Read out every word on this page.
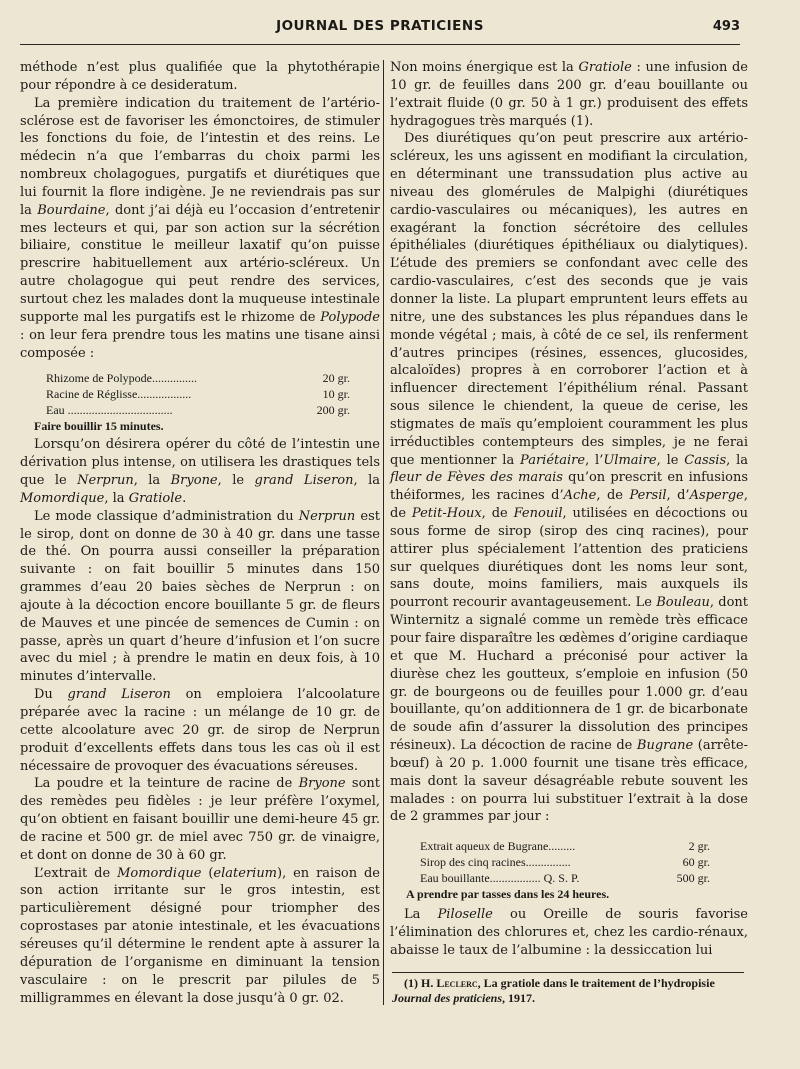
JOURNAL DES PRATICIENS	493

méthode n’est plus qualifiée que la phytothérapie pour répondre à ce desideratum.

La première indication du traitement de l’artério-sclérose est de favoriser les émonctoires, de stimuler les fonctions du foie, de l’intestin et des reins. Le médecin n’a que l’embarras du choix parmi les nombreux cholagogues, purgatifs et diurétiques que lui fournit la flore indigène. Je ne reviendrais pas sur la Bourdaine, dont j’ai déjà eu l’occasion d’entretenir mes lecteurs et qui, par son action sur la sécrétion biliaire, constitue le meilleur laxatif qu’on puisse prescrire habituellement aux artério-scléreux. Un autre cholagogue qui peut rendre des services, surtout chez les malades dont la muqueuse intestinale supporte mal les purgatifs est le rhizome de Polypode : on leur fera prendre tous les matins une tisane ainsi composée :

Rhizome de Polypode...............	20 gr.
Racine de Réglisse..................	10 gr.
Eau ...................................	200 gr.
Faire bouillir 15 minutes.

Lorsqu’on désirera opérer du côté de l’intestin une dérivation plus intense, on utilisera les drastiques tels que le Nerprun, la Bryone, le grand Liseron, la Momordique, la Gratiole.

Le mode classique d’administration du Nerprun est le sirop, dont on donne de 30 à 40 gr. dans une tasse de thé. On pourra aussi conseiller la préparation suivante : on fait bouillir 5 minutes dans 150 grammes d’eau 20 baies sèches de Nerprun : on ajoute à la décoction encore bouillante 5 gr. de fleurs de Mauves et une pincée de semences de Cumin : on passe, après un quart d’heure d’infusion et l’on sucre avec du miel ; à prendre le matin en deux fois, à 10 minutes d’intervalle.

Du grand Liseron on emploiera l’alcoolature préparée avec la racine : un mélange de 10 gr. de cette alcoolature avec 20 gr. de sirop de Nerprun produit d’excellents effets dans tous les cas où il est nécessaire de provoquer des évacuations séreuses.

La poudre et la teinture de racine de Bryone sont des remèdes peu fidèles : je leur préfère l’oxymel, qu’on obtient en faisant bouillir une demi-heure 45 gr. de racine et 500 gr. de miel avec 750 gr. de vinaigre, et dont on donne de 30 à 60 gr.

L’extrait de Momordique (elaterium), en raison de son action irritante sur le gros intestin, est particulièrement désigné pour triompher des coprostases par atonie intestinale, et les évacuations séreuses qu’il détermine le rendent apte à assurer la dépuration de l’organisme en diminuant la tension vasculaire : on le prescrit par pilules de 5 milligrammes en élevant la dose jusqu’à 0 gr. 02.

Non moins énergique est la Gratiole : une infusion de 10 gr. de feuilles dans 200 gr. d’eau bouillante ou l’extrait fluide (0 gr. 50 à 1 gr.) produisent des effets hydragogues très marqués (1).

Des diurétiques qu’on peut prescrire aux artério-scléreux, les uns agissent en modifiant la circulation, en déterminant une transsudation plus active au niveau des glomérules de Malpighi (diurétiques cardio-vasculaires ou mécaniques), les autres en exagérant la fonction sécrétoire des cellules épithéliales (diurétiques épithéliaux ou dialytiques). L’étude des premiers se confondant avec celle des cardio-vasculaires, c’est des seconds que je vais donner la liste. La plupart empruntent leurs effets au nitre, une des substances les plus répandues dans le monde végétal ; mais, à côté de ce sel, ils renferment d’autres principes (résines, essences, glucosides, alcaloïdes) propres à en corroborer l’action et à influencer directement l’épithélium rénal. Passant sous silence le chiendent, la queue de cerise, les stigmates de maïs qu’emploient couramment les plus irréductibles contempteurs des simples, je ne ferai que mentionner la Pariétaire, l’Ulmaire, le Cassis, la fleur de Fèves des marais qu’on prescrit en infusions théiformes, les racines d’Ache, de Persil, d’Asperge, de Petit-Houx, de Fenouil, utilisées en décoctions ou sous forme de sirop (sirop des cinq racines), pour attirer plus spécialement l’attention des praticiens sur quelques diurétiques dont les noms leur sont, sans doute, moins familiers, mais auxquels ils pourront recourir avantageusement. Le Bouleau, dont Winternitz a signalé comme un remède très efficace pour faire disparaître les œdèmes d’origine cardiaque et que M. Huchard a préconisé pour activer la diurèse chez les goutteux, s’emploie en infusion (50 gr. de bourgeons ou de feuilles pour 1.000 gr. d’eau bouillante, qu’on additionnera de 1 gr. de bicarbonate de soude afin d’assurer la dissolution des principes résineux). La décoction de racine de Bugrane (arrête-bœuf) à 20 p. 1.000 fournit une tisane très efficace, mais dont la saveur désagréable rebute souvent les malades : on pourra lui substituer l’extrait à la dose de 2 grammes par jour :

Extrait aqueux de Bugrane.........	2 gr.
Sirop des cinq racines...............	60 gr.
Eau bouillante................. Q. S. P.	500 gr.
A prendre par tasses dans les 24 heures.

La Piloselle ou Oreille de souris favorise l’élimination des chlorures et, chez les cardio-rénaux, abaisse le taux de l’albumine : la dessiccation lui

(1) H. Leclerc, La gratiole dans le traitement de l’hydropisie Journal des praticiens, 1917.
